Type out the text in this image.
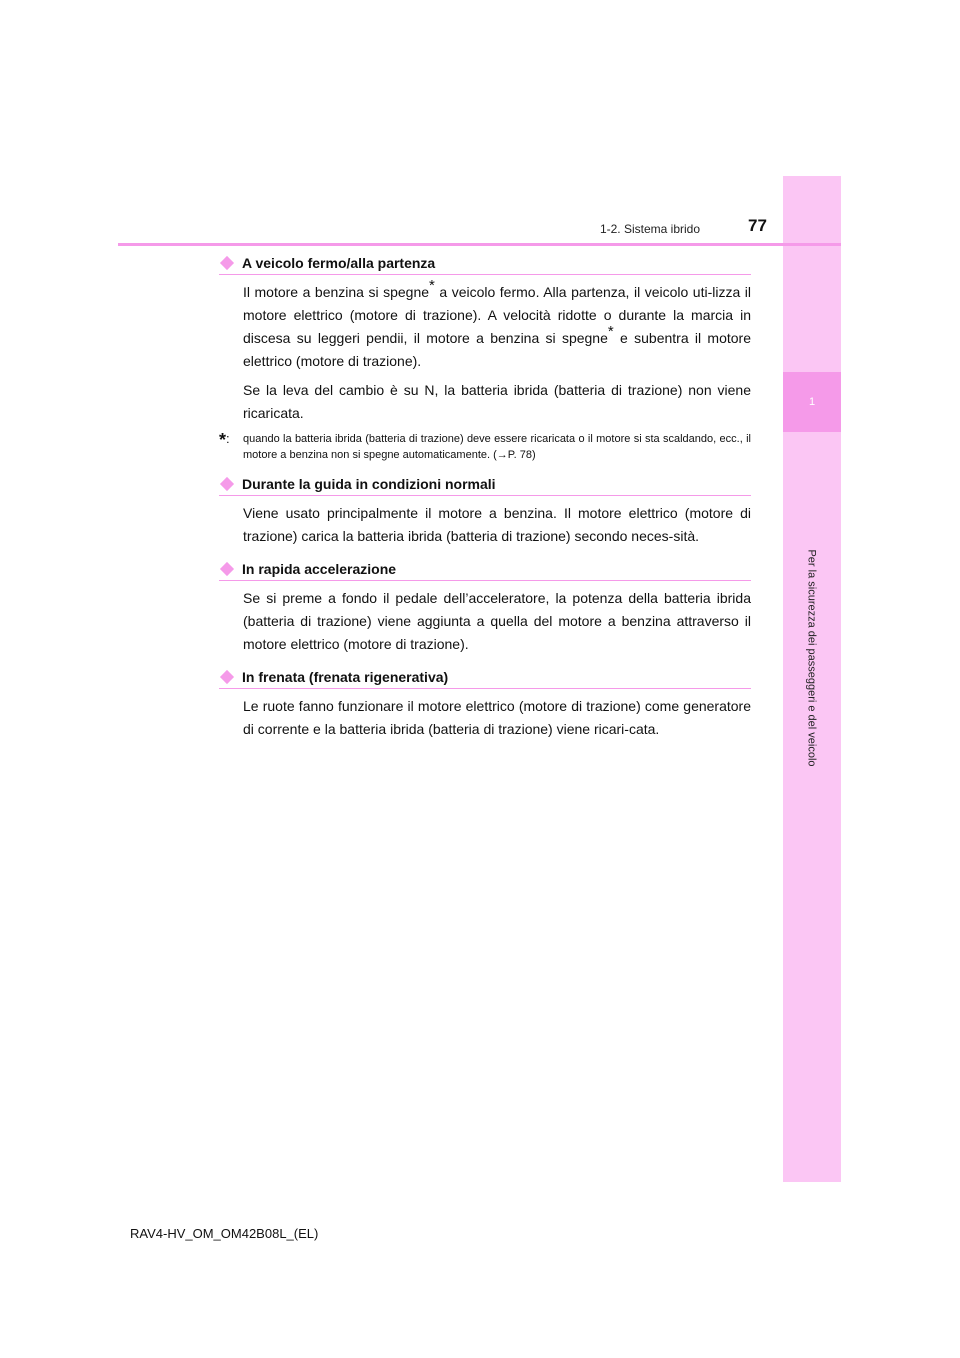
1
Per la sicurezza dei passeggeri e del veicolo
1-2. Sistema ibrido	77
A veicolo fermo/alla partenza

Il motore a benzina si spegne* a veicolo fermo. Alla partenza, il veicolo uti-lizza il motore elettrico (motore di trazione). A velocità ridotte o durante la marcia in discesa su leggeri pendii, il motore a benzina si spegne* e subentra il motore elettrico (motore di trazione).

Se la leva del cambio è su N, la batteria ibrida (batteria di trazione) non viene ricaricata.

*:	quando la batteria ibrida (batteria di trazione) deve essere ricaricata o il motore si sta scaldando, ecc., il motore a benzina non si spegne automaticamente. (→P. 78)
Durante la guida in condizioni normali

Viene usato principalmente il motore a benzina. Il motore elettrico (motore di trazione) carica la batteria ibrida (batteria di trazione) secondo neces-sità.

In rapida accelerazione

Se si preme a fondo il pedale dell’acceleratore, la potenza della batteria ibrida (batteria di trazione) viene aggiunta a quella del motore a benzina attraverso il motore elettrico (motore di trazione).

In frenata (frenata rigenerativa)

Le ruote fanno funzionare il motore elettrico (motore di trazione) come generatore di corrente e la batteria ibrida (batteria di trazione) viene ricari-cata.

RAV4-HV_OM_OM42B08L_(EL)
